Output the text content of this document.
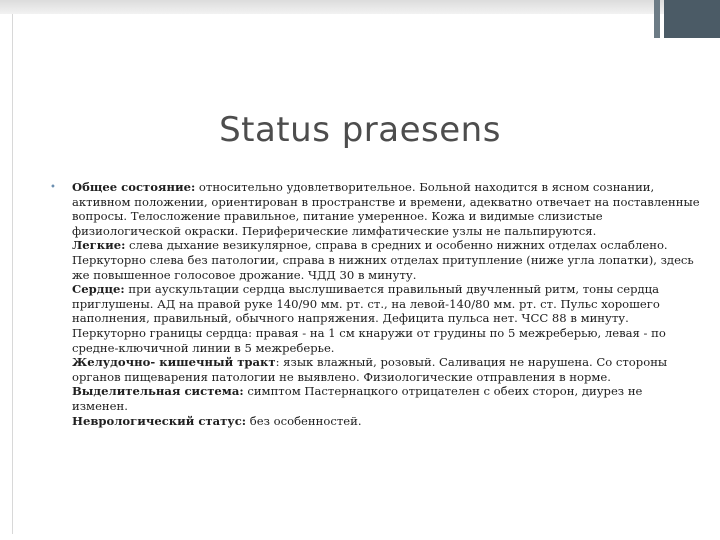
Status praesens
•	Общее состояние: относительно удовлетворительное. Больной находится в ясном сознании, активном положении, ориентирован в пространстве и времени, адекватно отвечает на поставленные вопросы. Телосложение правильное, питание умеренное. Кожа и видимые слизистые физиологической окраски. Периферические лимфатические узлы не пальпируются.

Легкие: слева дыхание везикулярное, справа в средних и особенно нижних отделах ослаблено. Перкуторно слева без патологии, справа в нижних отделах притупление (ниже угла лопатки), здесь же повышенное голосовое дрожание. ЧДД 30 в минуту.

Сердце: при аускультации сердца выслушивается правильный двучленный ритм, тоны сердца приглушены. АД на правой руке 140/90 мм. рт. ст., на левой-140/80 мм. рт. ст. Пульс хорошего наполнения, правильный, обычного напряжения. Дефицита пульса нет. ЧСС 88 в минуту. Перкуторно границы сердца: правая - на 1 см кнаружи от грудины по 5 межреберью, левая - по средне-ключичной линии в 5 межреберье.

Желудочно- кишечный тракт: язык влажный, розовый. Саливация не нарушена. Со стороны органов пищеварения патологии не выявлено. Физиологические отправления в норме.

Выделительная система: симптом Пастернацкого отрицателен с обеих сторон, диурез не изменен.

Неврологический статус: без особенностей.
